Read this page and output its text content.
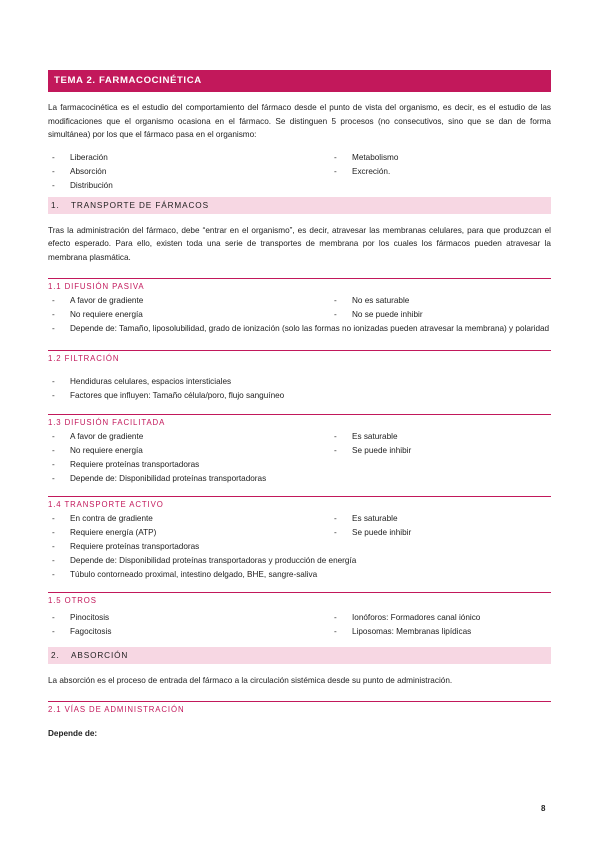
TEMA 2. FARMACOCINÉTICA

La farmacocinética es el estudio del comportamiento del fármaco desde el punto de vista del organismo, es decir, es el estudio de las modificaciones que el organismo ocasiona en el fármaco. Se distinguen 5 procesos (no consecutivos, sino que se dan de forma simultánea) por los que el fármaco pasa en el organismo:

- Liberación
- Absorción
- Distribución
- Metabolismo
- Excreción.
1. TRANSPORTE DE FÁRMACOS

Tras la administración del fármaco, debe “entrar en el organismo”, es decir, atravesar las membranas celulares, para que produzcan el efecto esperado. Para ello, existen toda una serie de transportes de membrana por los cuales los fármacos pueden atravesar la membrana plasmática.

1.1 DIFUSIÓN PASIVA
- A favor de gradiente
- No requiere energía
- No es saturable
- No se puede inhibir
- Depende de: Tamaño, liposolubilidad, grado de ionización (solo las formas no ionizadas pueden atravesar la membrana) y polaridad
1.2 FILTRACIÓN
- Hendiduras celulares, espacios intersticiales
- Factores que influyen: Tamaño célula/poro, flujo sanguíneo
1.3 DIFUSIÓN FACILITADA
- A favor de gradiente
- No requiere energía
- Es saturable
- Se puede inhibir
- Requiere proteínas transportadoras
- Depende de: Disponibilidad proteínas transportadoras
1.4 TRANSPORTE ACTIVO
- En contra de gradiente
- Requiere energía (ATP)
- Es saturable
- Se puede inhibir
- Requiere proteínas transportadoras
- Depende de: Disponibilidad proteínas transportadoras y producción de energía
- Túbulo contorneado proximal, intestino delgado, BHE, sangre-saliva
1.5 OTROS
- Pinocitosis
- Fagocitosis
- Ionóforos: Formadores canal iónico
- Liposomas: Membranas lipídicas
2. ABSORCIÓN

La absorción es el proceso de entrada del fármaco a la circulación sistémica desde su punto de administración.

2.1 VÍAS DE ADMINISTRACIÓN

Depende de:

8
